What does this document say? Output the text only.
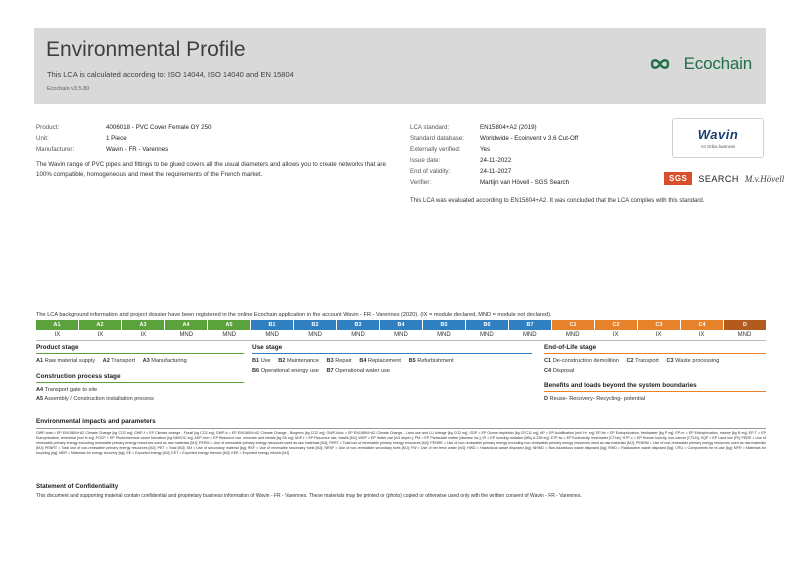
Environmental Profile
This LCA is calculated according to: ISO 14044, ISO 14040 and EN 15804
Ecochain v3.5.80
Ecochain
Product:	4006018 - PVC Cover Female GY 250
Unit:	1 Piece
Manufacturer:	Wavin - FR - Varennes
The Wavin range of PVC pipes and fittings to be glued covers all the usual diameters and allows you to create networks that are 100% compatible, homogeneous and meet the requirements of the French market.
LCA standard:	EN15804+A2 (2019)
Standard database:	Worldwide - Ecoinvent v 3.6 Cut-Off
Externally verified:	Yes
Issue date:	24-11-2022
End of validity:	24-11-2027
Verifier:	Martijn van Hövell - SGS Search
Wavin
An Orbia business
SGS	SEARCH M.v.Hövell
This LCA was evaluated according to EN15804+A2. It was concluded that the LCA complies with this standard.
The LCA background information and project dossier have been registered in the online Ecochain application in the account Wavin - FR - Varennes (2020). (IX = module declared, MND = module not declared).
A1	A2	A3	A4	A5	B1	B2	B3	B4	B5	B6	B7	C1	C2	C3	C4	D
IX	IX	IX	MND	MND	MND	MND	MND	MND	MND	MND	MND	MND	IX	IX	IX	MND
Product stage
A1 Raw material supply A2 Transport A3 Manufacturing
Construction process stage
A4 Transport gate to site
A5 Assembly / Construction installation process
Use stage
B1 Use B2 Maintenance B3 Repair B4 Replacement B5 Refurbishment
B6 Operational energy use B7 Operational water use
End-of-Life stage
C1 De-construction demolition C2 Transport C3 Waste processing
C4 Disposal
Benefits and loads beyond the system boundaries
D Reuse- Recovery- Recycling- potential
Environmental impacts and parameters
GWP-total = EP EN15804+A2 Climate Change [kg CO2 eq]; GWP-f = EP Climate change - Fossil [kg CO2 eq]; GWP-b = EP EN15804+A2 Climate Change - Biogenic [kg CO2 eq]; GWP-luluc = EP EN15804+A2 Climate Change - Land use and LU change [kg CO2 eq]; ODP = EP Ozone depletion [kg CFC11 eq]; AP = EP Acidification [mol H+ eq]; EP-fw = EP Eutrophication, freshwater [kg P eq]; EP-m = EP Eutrophication, marine [kg N eq]; EP-T = EP Eutrophication, terrestrial [mol N eq]; POCP = EP Photochemical ozone formation [kg NMVOC eq]; ADP-mm = EP Resource use, minerals and metals [kg Sb eq]; ADP-f = EP Resource use, fossils [MJ]; WDP = EP Water use [m3 depriv.]; PM = EP Particulate matter [disease inc.]; IR = EP Ionising radiation [kBq U-235 eq]; ETP-fw = EP Ecotoxicity, freshwater [CTUe]; HTP-c = EP Human toxicity, non-cancer [CTUh]; SQP = EP Land use [Pt]; PERE = Use of renewable primary energy excluding renewable primary energy resources used as raw materials [MJ]; PERM = Use of renewable primary energy resources used as raw materials [MJ]; PERT = Total use of renewable primary energy resources [MJ]; PENRE = Use of non-renewable primary energy excluding non-renewable primary energy resources used as raw materials [MJ]; PENRM = Use of non-renewable primary energy resources used as raw materials [MJ]; PENRT = Total use of non-renewable primary energy resources [MJ]; PET = Total [MJ]; SM = Use of secondary material [kg]; RSF = Use of renewable secondary fuels [MJ]; NRSF = Use of non-renewable secondary fuels [MJ]; FW = Use of net fresh water [m3]; HWD = Hazardous waste disposed [kg]; NHWD = Non-hazardous waste disposed [kg]; RWD = Radioactive waste disposed [kg]; CRU = Components for re-use [kg]; MFR = Materials for recycling [kg]; MER = Materials for energy recovery [kg]; EE = Exported energy [MJ]; EET = Exported energy thermic [MJ]; EEE = Exported energy electric [MJ]
Statement of Confidentiality
This document and supporting material contain confidential and proprietary business information of Wavin - FR - Varennes. These materials may be printed or (photo) copied or otherwise used only with the written consent of Wavin - FR - Varennes.
